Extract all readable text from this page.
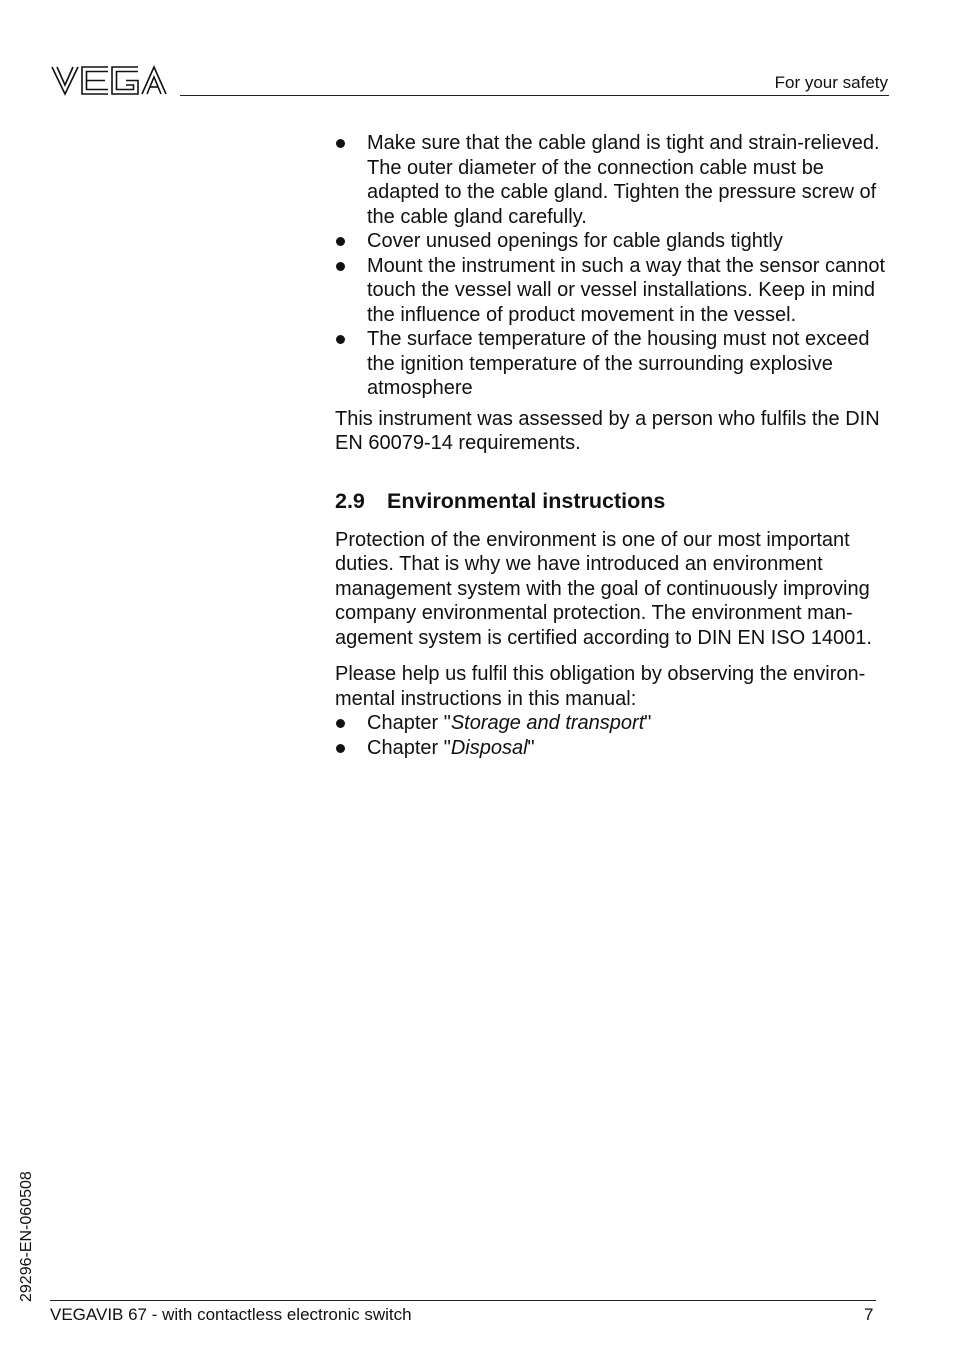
For your safety
Make sure that the cable gland is tight and strain-relieved. The outer diameter of the connection cable must be adapted to the cable gland. Tighten the pressure screw of the cable gland carefully.
Cover unused openings for cable glands tightly
Mount the instrument in such a way that the sensor cannot touch the vessel wall or vessel installations. Keep in mind the influence of product movement in the vessel.
The surface temperature of the housing must not exceed the ignition temperature of the surrounding explosive atmosphere

This instrument was assessed by a person who fulfils the DIN EN 60079-14 requirements.

2.9 Environmental instructions

Protection of the environment is one of our most important duties. That is why we have introduced an environment management system with the goal of continuously improving company environmental protection. The environment management system is certified according to DIN EN ISO 14001.

Please help us fulfil this obligation by observing the environmental instructions in this manual:

Chapter "Storage and transport"
Chapter "Disposal"
29296-EN-060508
VEGAVIB 67 - with contactless electronic switch	7
